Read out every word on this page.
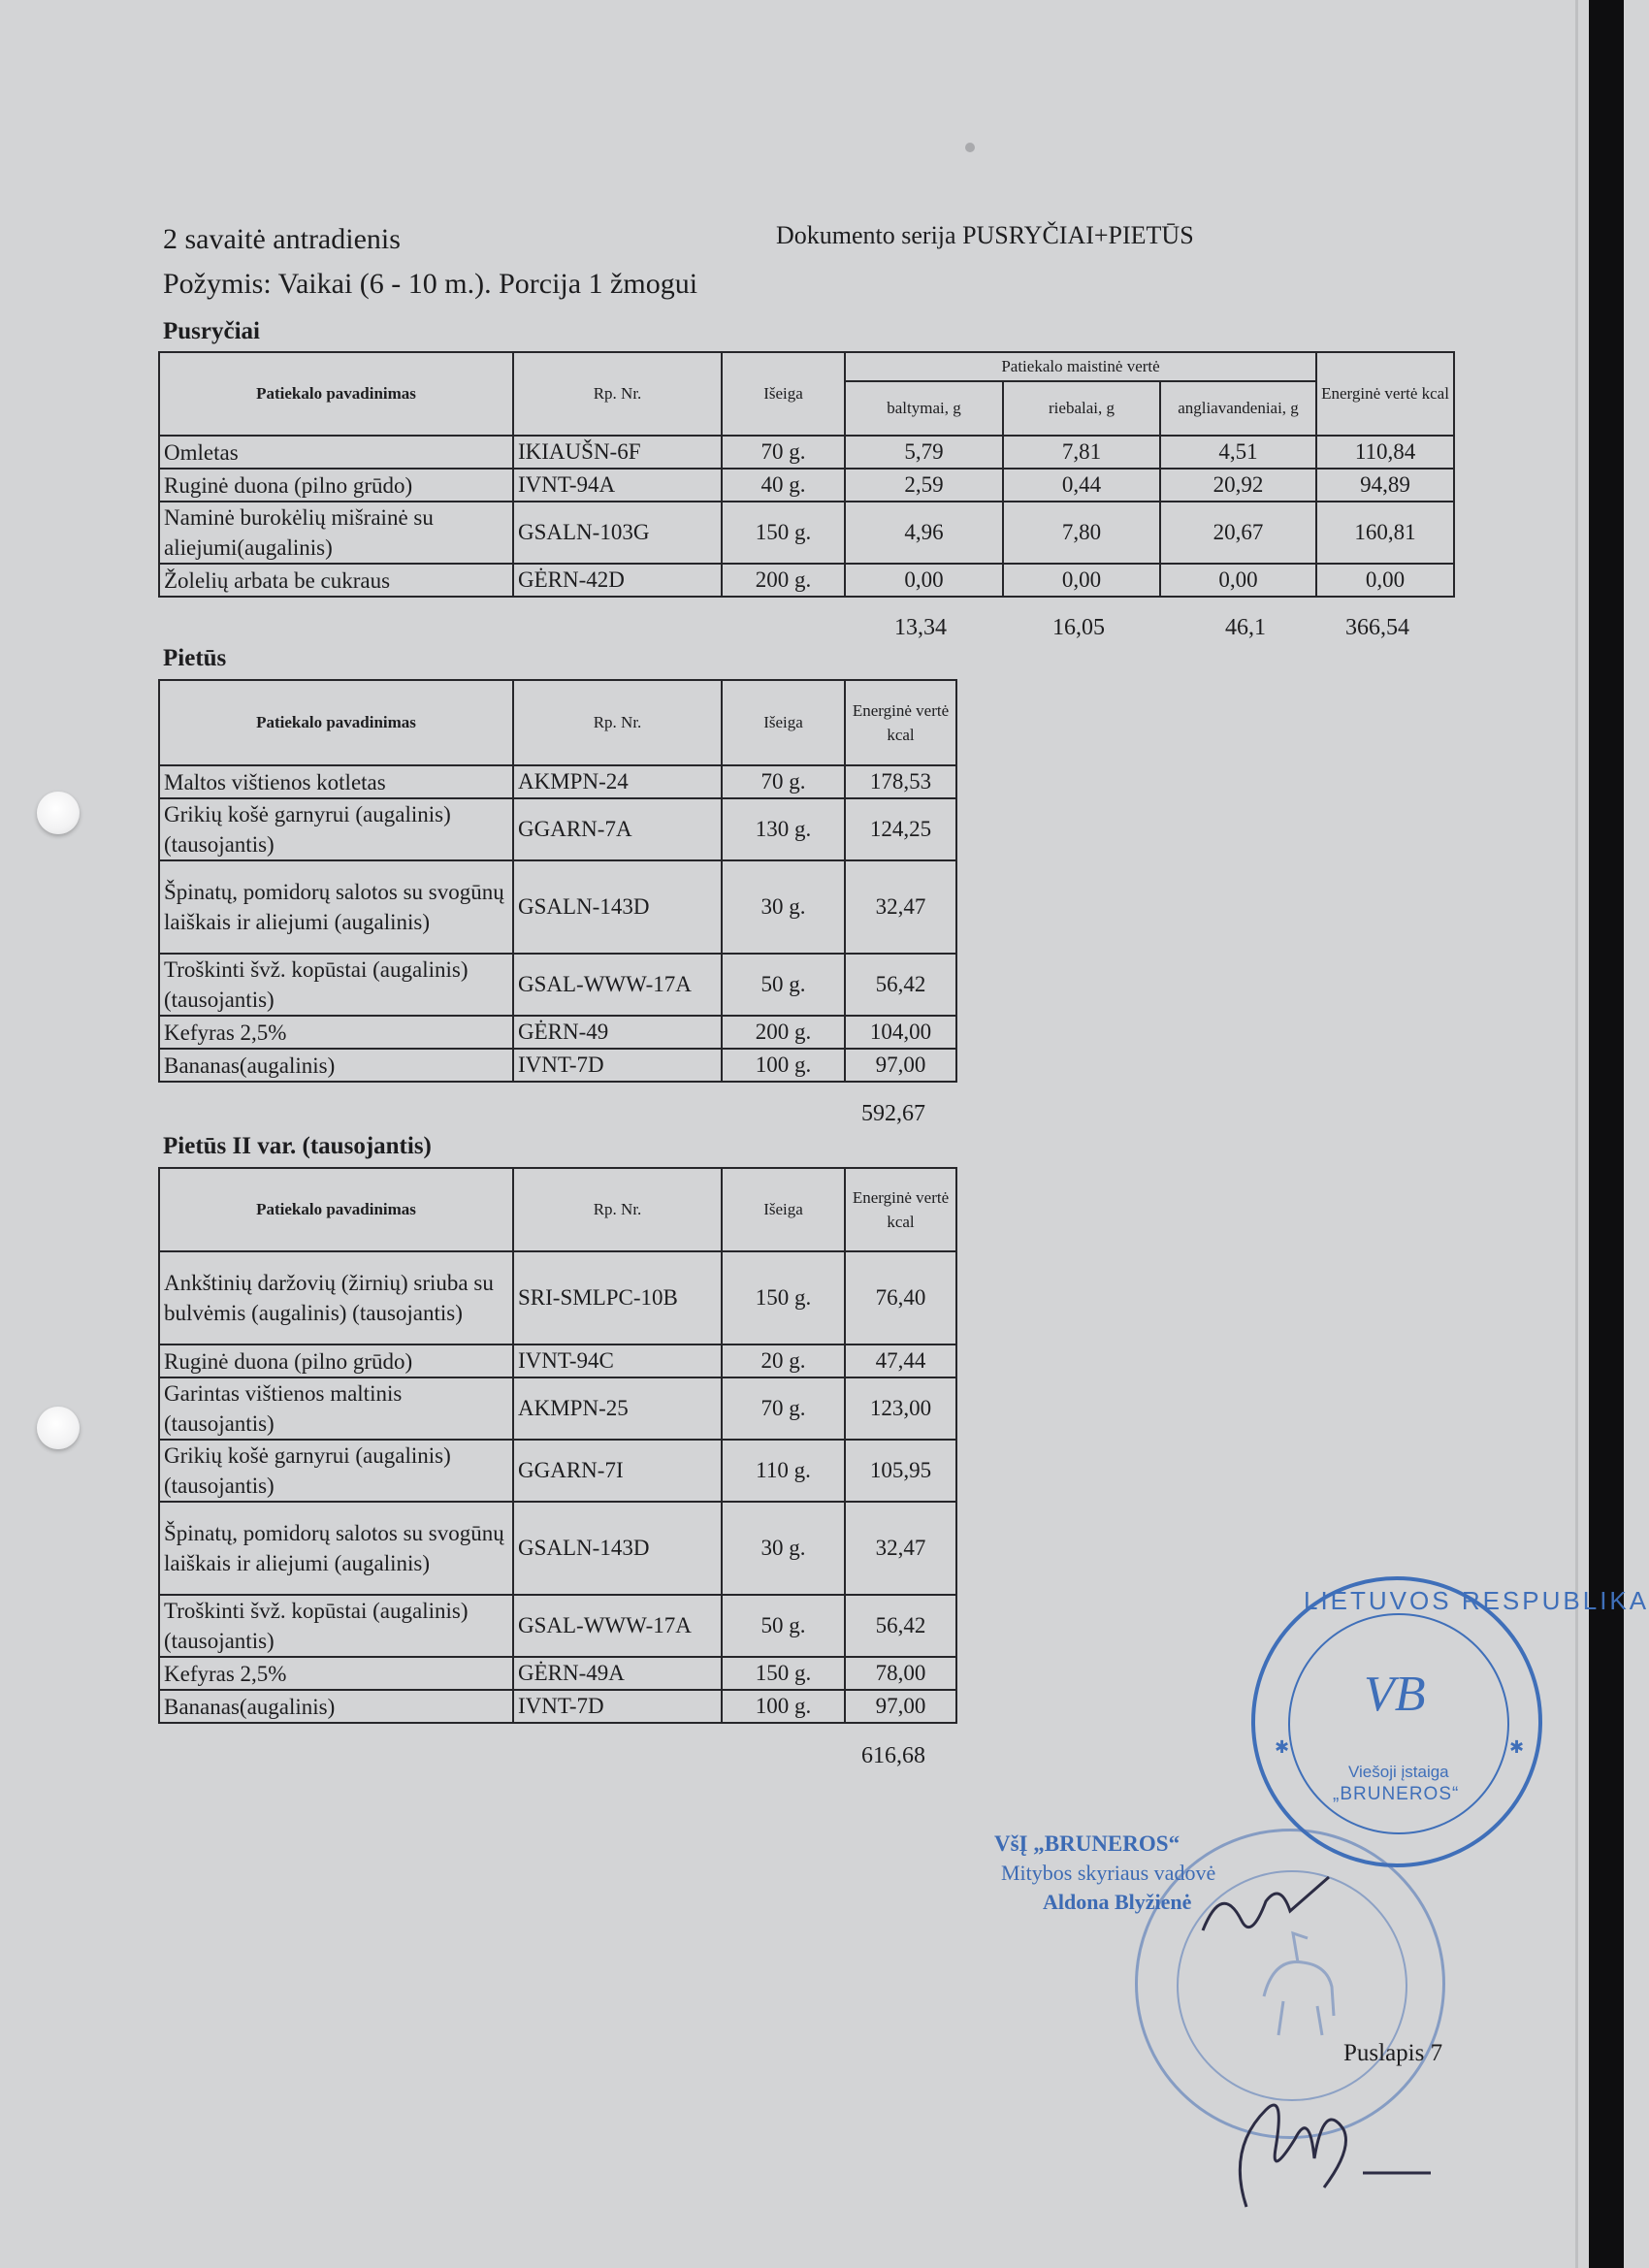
2 savaitė antradienis
Požymis: Vaikai (6 - 10 m.). Porcija 1 žmogui
Dokumento serija PUSRYČIAI+PIETŪS
Pusryčiai
Patiekalo pavadinimas	Rp. Nr.	Išeiga	Patiekalo maistinė vertė			Energinė vertė kcal
			baltymai, g	riebalai, g	angliavandeniai, g	
Omletas	IKIAUŠN-6F	70 g.	5,79	7,81	4,51	110,84
Ruginė duona (pilno grūdo)	IVNT-94A	40 g.	2,59	0,44	20,92	94,89
Naminė burokėlių mišrainė su aliejumi(augalinis)	GSALN-103G	150 g.	4,96	7,80	20,67	160,81
Žolelių arbata be cukraus	GĖRN-42D	200 g.	0,00	0,00	0,00	0,00
13,34	16,05	46,1	366,54
Pietūs
Patiekalo pavadinimas	Rp. Nr.	Išeiga	Energinė vertė kcal
Maltos vištienos kotletas	AKMPN-24	70 g.	178,53
Grikių košė garnyrui (augalinis) (tausojantis)	GGARN-7A	130 g.	124,25
Špinatų, pomidorų salotos su svogūnų laiškais ir aliejumi (augalinis)	GSALN-143D	30 g.	32,47
Troškinti švž. kopūstai (augalinis) (tausojantis)	GSAL-WWW-17A	50 g.	56,42
Kefyras 2,5%	GĖRN-49	200 g.	104,00
Bananas(augalinis)	IVNT-7D	100 g.	97,00
592,67
Pietūs II var. (tausojantis)
Patiekalo pavadinimas	Rp. Nr.	Išeiga	Energinė vertė kcal
Ankštinių daržovių (žirnių) sriuba su bulvėmis (augalinis) (tausojantis)	SRI-SMLPC-10B	150 g.	76,40
Ruginė duona (pilno grūdo)	IVNT-94C	20 g.	47,44
Garintas vištienos maltinis (tausojantis)	AKMPN-25	70 g.	123,00
Grikių košė garnyrui (augalinis) (tausojantis)	GGARN-7I	110 g.	105,95
Špinatų, pomidorų salotos su svogūnų laiškais ir aliejumi (augalinis)	GSALN-143D	30 g.	32,47
Troškinti švž. kopūstai (augalinis) (tausojantis)	GSAL-WWW-17A	50 g.	56,42
Kefyras 2,5%	GĖRN-49A	150 g.	78,00
Bananas(augalinis)	IVNT-7D	100 g.	97,00
616,68
LIETUVOS RESPUBLIKA
VB
Viešoji įstaiga
„BRUNEROS“
✱	✱
VšĮ „BRUNEROS“
Mitybos skyriaus vadovė
Aldona Blyžienė
Puslapis 7
